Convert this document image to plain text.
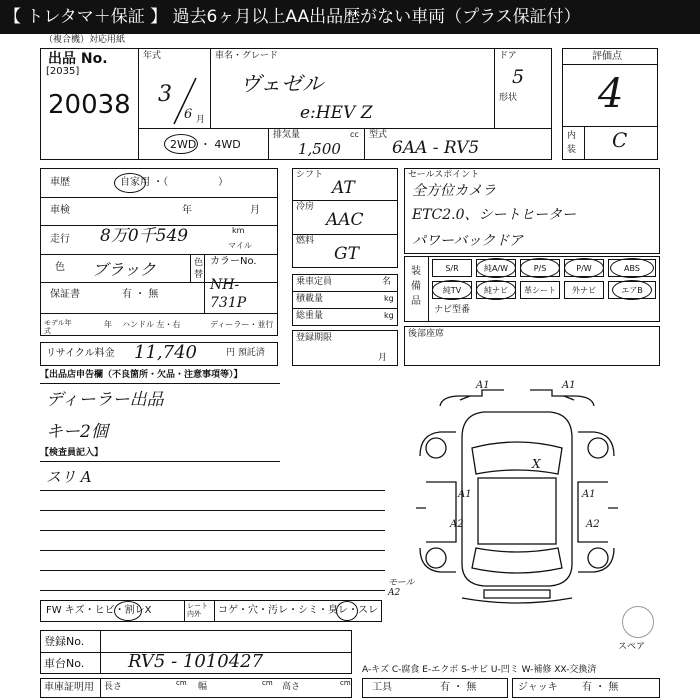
【 トレタマ＋保証 】 過去6ヶ月以上AA出品歴がない車両（プラス保証付）
（複合機）対応用紙
出品 No.
[2035]
20038
年式
3
6 月
車名・グレード
ヴェゼル
e:HEV Z
ドア
5
形状
2WD ・ 4WD
排気量	cc
1,500
型式
6AA - RV5
評価点
4
内装 C
車歴	自家用 ・（　　　　　）
車検	年	月
走行 8万0千549	km
マイル
色 ブラック	色替
カラーNo.
NH-731P
保証書	有 ・ 無
モデル年式
年 ハンドル 左・右	ディーラー・並行
リサイクル料金 11,740	円 預託済
シフト
AT
冷房
AAC
燃料
GT
乗車定員	名
積載量	kg
総重量	kg
登録期限
月
セールスポイント
全方位カメラ
ETC2.0、シートヒーター
パワーバックドア
装備品
S/R	純A/W	P/S	P/W	ABS
純TV	純ナビ	革シート	外ナビ	エアB
ナビ型番
後部座席
【出品店申告欄（不良箇所・欠品・注意事項等）】
ディーラー出品
キー2個
【検査員記入】
スリ A
A1	A1
X
A1	A1
A2	A2
モールA2
スペア
FW キズ・ヒビ・割レX	レート 内外	コゲ・穴・汚レ・シミ・臭レ・スレ
登録No.
車台No. RV5 - 1010427
車庫証明用 長さ	cm 幅	cm 高さ	cm
A-キズ C-腐食 E-エクボ S-サビ U-凹ミ W-補修 XX-交換済
工具	有 ・ 無	ジャッキ 有 ・ 無
